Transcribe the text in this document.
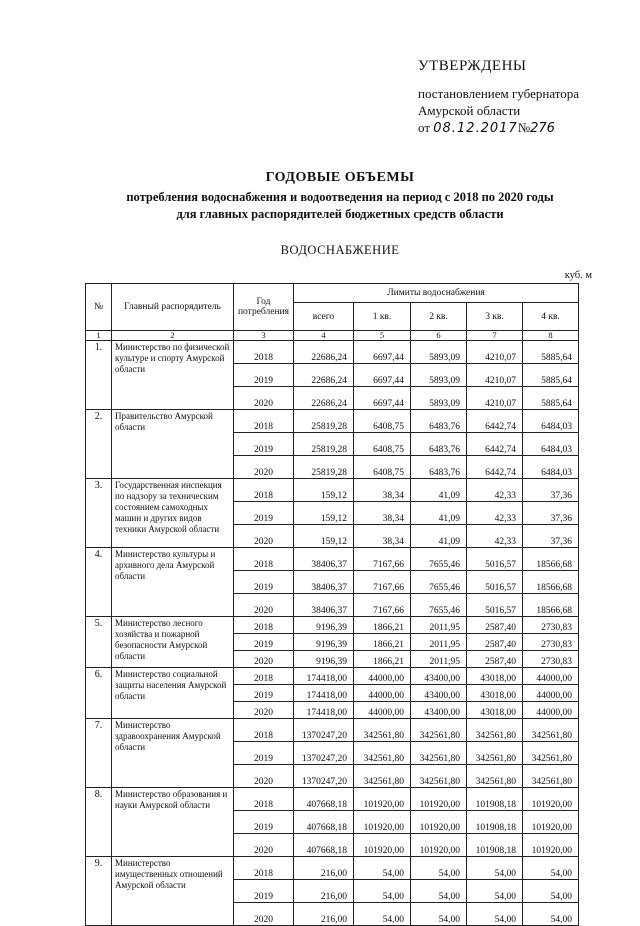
УТВЕРЖДЕНЫ
постановлением губернатора
Амурской области
от 08.12.2017№276
ГОДОВЫЕ ОБЪЕМЫ
потребления водоснабжения и водоотведения на период с 2018 по 2020 годы
для главных распорядителей бюджетных средств области
ВОДОСНАБЖЕНИЕ
куб. м
№	Главный распорядитель	Год потребления	Лимиты водоснабжения				
			всего	1 кв.	2 кв.	3 кв.	4 кв.
1	2	3	4	5	6	7	8
1.	Министерство по физической культуре и спорту Амурской области	2018	22686,24	6697,44	5893,09	4210,07	5885,64
		2019	22686,24	6697,44	5893,09	4210,07	5885,64
		2020	22686,24	6697,44	5893,09	4210,07	5885,64
2.	Правительство Амурской области	2018	25819,28	6408,75	6483,76	6442,74	6484,03
		2019	25819,28	6408,75	6483,76	6442,74	6484,03
		2020	25819,28	6408,75	6483,76	6442,74	6484,03
3.	Государственная инспекция по надзору за техническим состоянием самоходных машин и других видов техники Амурской области	2018	159,12	38,34	41,09	42,33	37,36
		2019	159,12	38,34	41,09	42,33	37,36
		2020	159,12	38,34	41,09	42,33	37,36
4.	Министерство культуры и архивного дела Амурской области	2018	38406,37	7167,66	7655,46	5016,57	18566,68
		2019	38406,37	7167,66	7655,46	5016,57	18566,68
		2020	38406,37	7167,66	7655,46	5016,57	18566,68
5.	Министерство лесного хозяйства и пожарной безопасности Амурской области	2018	9196,39	1866,21	2011,95	2587,40	2730,83
		2019	9196,39	1866,21	2011,95	2587,40	2730,83
		2020	9196,39	1866,21	2011,95	2587,40	2730,83
6.	Министерство социальной защиты населения Амурской области	2018	174418,00	44000,00	43400,00	43018,00	44000,00
		2019	174418,00	44000,00	43400,00	43018,00	44000,00
		2020	174418,00	44000,00	43400,00	43018,00	44000,00
7.	Министерство здравоохранения Амурской области	2018	1370247,20	342561,80	342561,80	342561,80	342561,80
		2019	1370247,20	342561,80	342561,80	342561,80	342561,80
		2020	1370247,20	342561,80	342561,80	342561,80	342561,80
8.	Министерство образования и науки Амурской области	2018	407668,18	101920,00	101920,00	101908,18	101920,00
		2019	407668,18	101920,00	101920,00	101908,18	101920,00
		2020	407668,18	101920,00	101920,00	101908,18	101920,00
9.	Министерство имущественных отношений Амурской области	2018	216,00	54,00	54,00	54,00	54,00
		2019	216,00	54,00	54,00	54,00	54,00
		2020	216,00	54,00	54,00	54,00	54,00
